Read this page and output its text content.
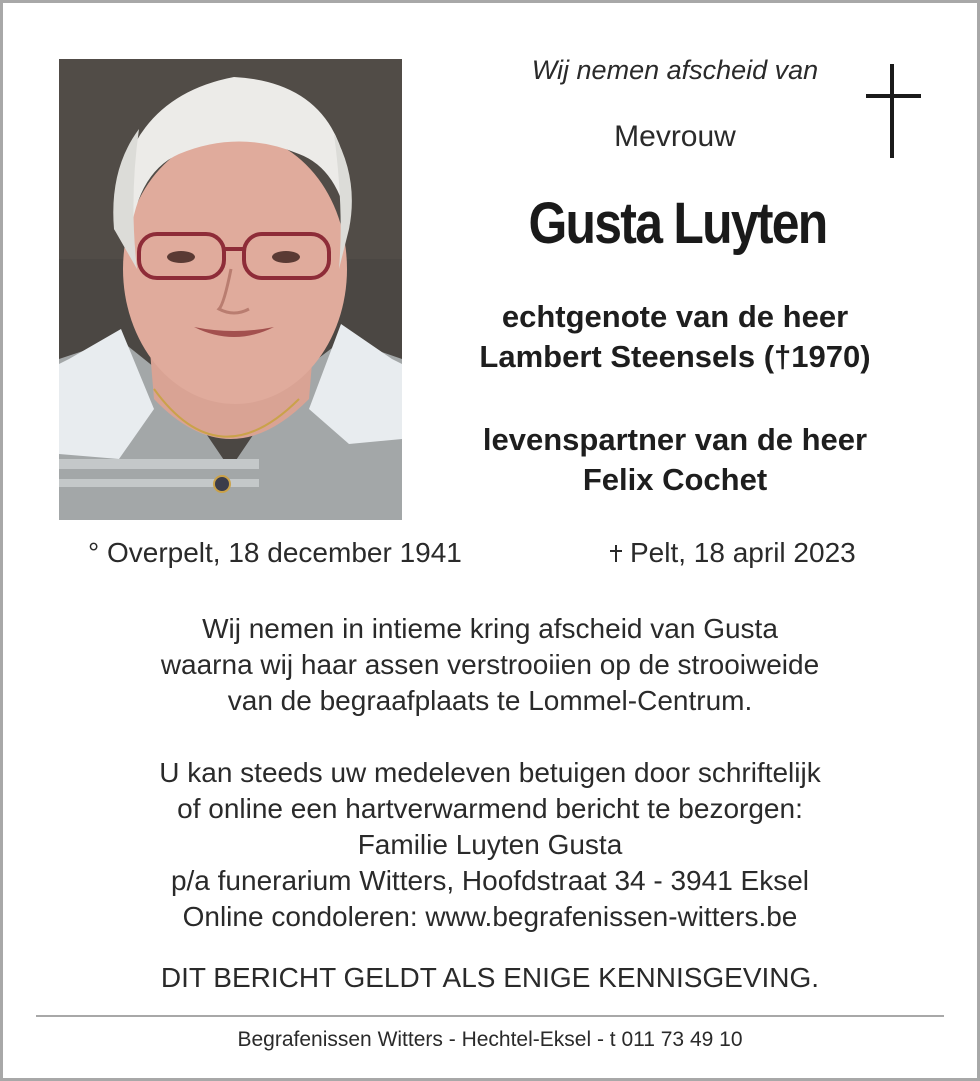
Wij nemen afscheid van
Mevrouw
Gusta Luyten
echtgenote van de heer
Lambert Steensels (†1970)
levenspartner van de heer
Felix Cochet
° Overpelt, 18 december 1941	Pelt, 18 april 2023
Wij nemen in intieme kring afscheid van Gusta
waarna wij haar assen verstrooiien op de strooiweide
van de begraafplaats te Lommel-Centrum.
U kan steeds uw medeleven betuigen door schriftelijk
of online een hartverwarmend bericht te bezorgen:
Familie Luyten Gusta
p/a funerarium Witters, Hoofdstraat 34 - 3941 Eksel
Online condoleren: www.begrafenissen-witters.be
DIT BERICHT GELDT ALS ENIGE KENNISGEVING.
Begrafenissen Witters - Hechtel-Eksel - t 011 73 49 10
